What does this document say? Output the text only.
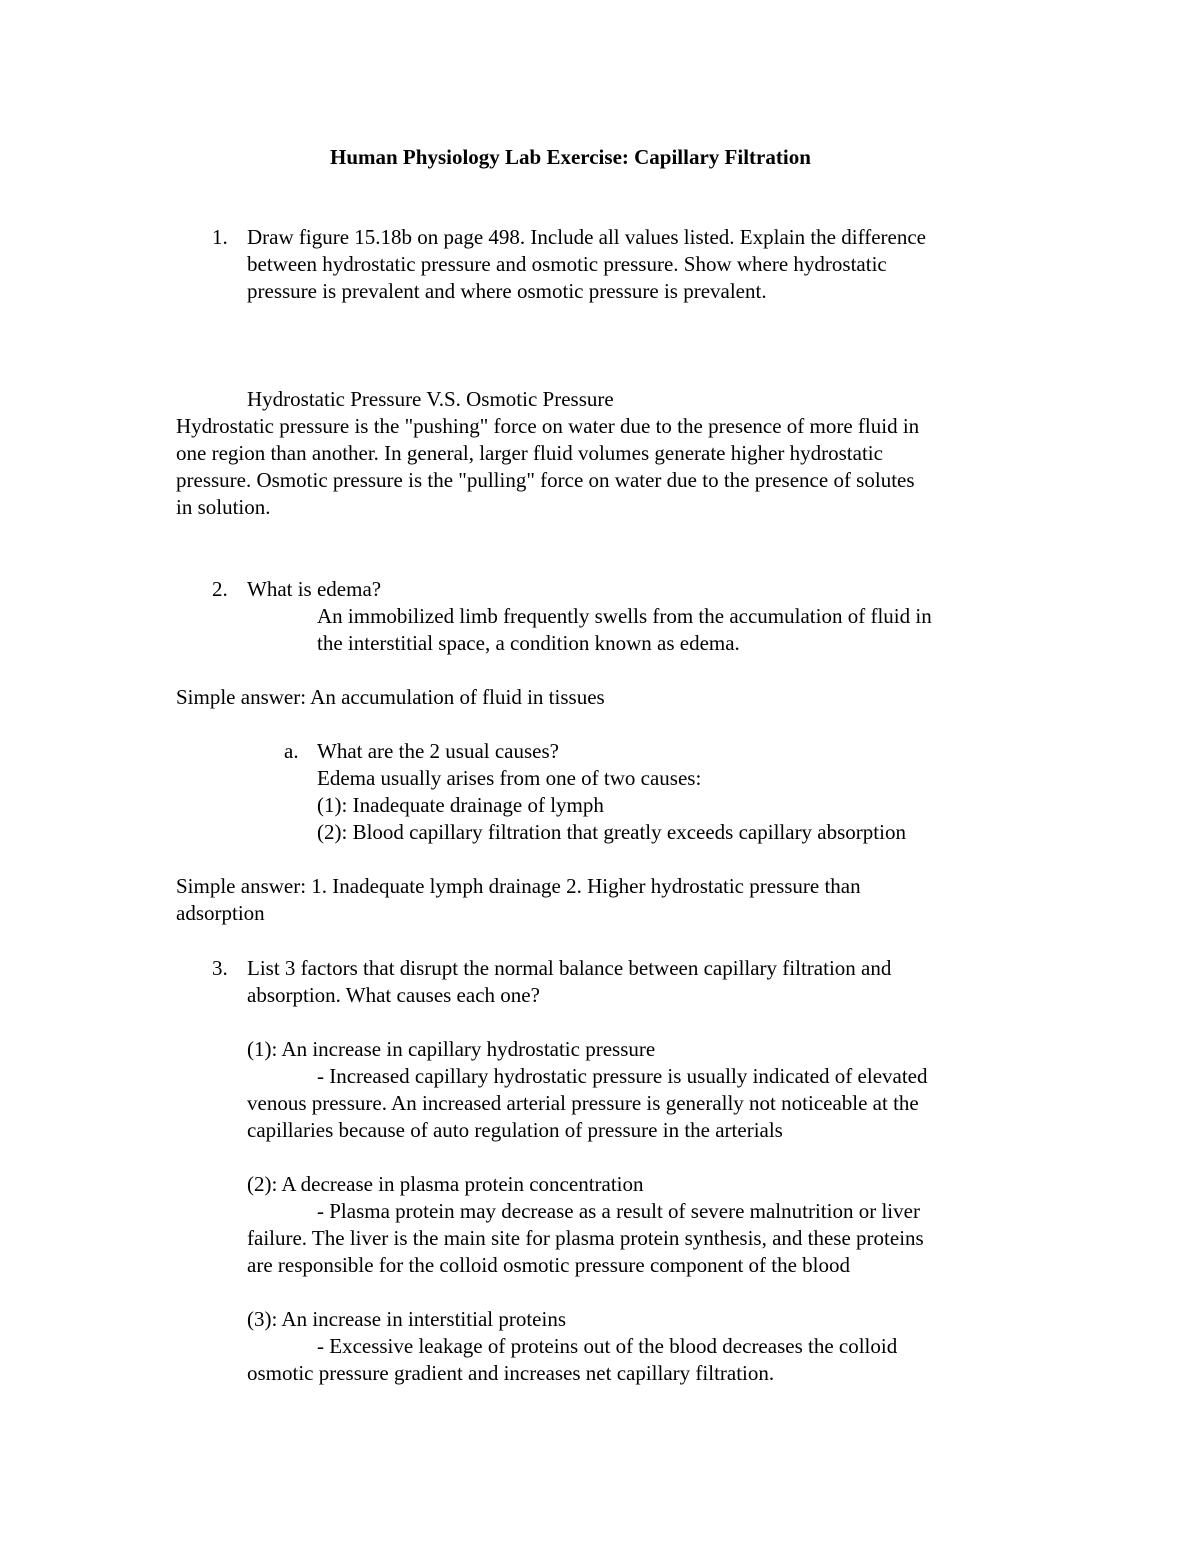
Human Physiology Lab Exercise: Capillary Filtration

1. Draw figure 15.18b on page 498. Include all values listed. Explain the difference

between hydrostatic pressure and osmotic pressure. Show where hydrostatic

pressure is prevalent and where osmotic pressure is prevalent.

Hydrostatic Pressure V.S. Osmotic Pressure

Hydrostatic pressure is the "pushing" force on water due to the presence of more fluid in

one region than another. In general, larger fluid volumes generate higher hydrostatic

pressure. Osmotic pressure is the "pulling" force on water due to the presence of solutes

in solution.

2. What is edema?

An immobilized limb frequently swells from the accumulation of fluid in

the interstitial space, a condition known as edema.

Simple answer: An accumulation of fluid in tissues

a. What are the 2 usual causes?

Edema usually arises from one of two causes:

(1): Inadequate drainage of lymph

(2): Blood capillary filtration that greatly exceeds capillary absorption

Simple answer: 1. Inadequate lymph drainage 2. Higher hydrostatic pressure than

adsorption

3. List 3 factors that disrupt the normal balance between capillary filtration and

absorption. What causes each one?

(1): An increase in capillary hydrostatic pressure

- Increased capillary hydrostatic pressure is usually indicated of elevated

venous pressure. An increased arterial pressure is generally not noticeable at the

capillaries because of auto regulation of pressure in the arterials

(2): A decrease in plasma protein concentration

- Plasma protein may decrease as a result of severe malnutrition or liver

failure. The liver is the main site for plasma protein synthesis, and these proteins

are responsible for the colloid osmotic pressure component of the blood

(3): An increase in interstitial proteins

- Excessive leakage of proteins out of the blood decreases the colloid

osmotic pressure gradient and increases net capillary filtration.
